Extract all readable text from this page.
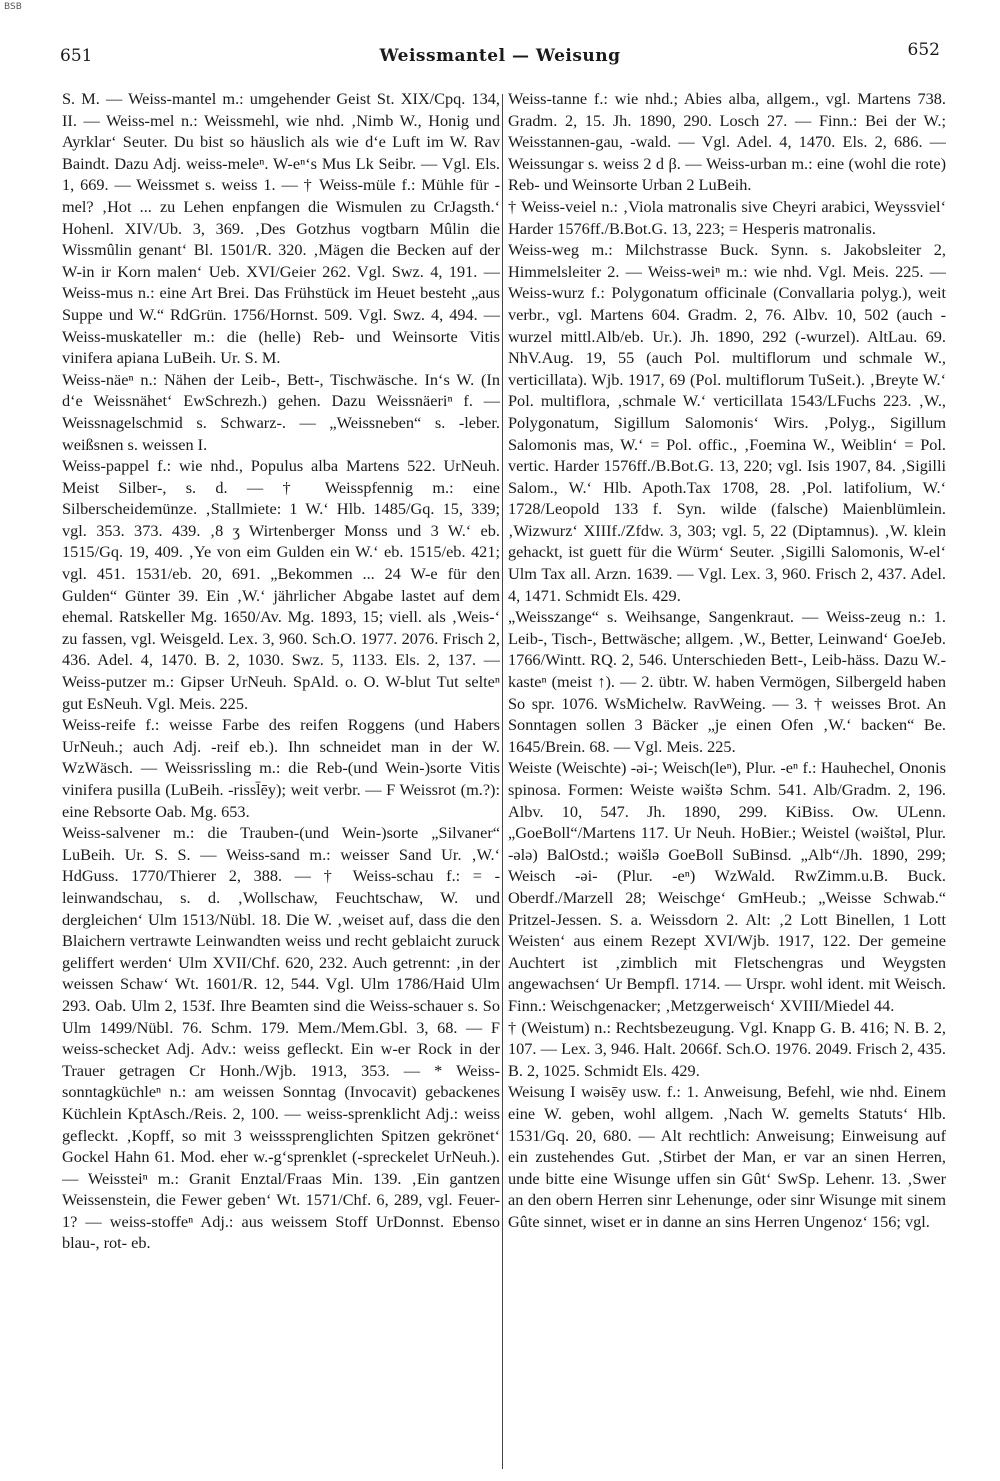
BSB
651	Weissmantel — Weisung	652

S. M. — Weiss-mantel m.: umgehender Geist St. XIX/Cpq. 134, II. — Weiss-mel n.: Weissmehl, wie nhd. ‚Nimb W., Honig und Ayrklar‘ Seuter. Du bist so häuslich als wie d‘e Luft im W. Rav Baindt. Dazu Adj. weiss-meleⁿ. W-eⁿ‘s Mus Lk Seibr. — Vgl. Els. 1, 669. — Weissmet s. weiss 1. — † Weiss-müle f.: Mühle für -mel? ‚Hot ... zu Lehen enpfangen die Wismulen zu CrJagsth.‘ Hohenl. XIV/Ub. 3, 369. ‚Des Gotzhus vogtbarn Mûlin die Wissmûlin genant‘ Bl. 1501/R. 320. ‚Mägen die Becken auf der W-in ir Korn malen‘ Ueb. XVI/Geier 262. Vgl. Swz. 4, 191. — Weiss-mus n.: eine Art Brei. Das Frühstück im Heuet besteht „aus Suppe und W.“ RdGrün. 1756/Hornst. 509. Vgl. Swz. 4, 494. — Weiss-muskateller m.: die (helle) Reb- und Weinsorte Vitis vinifera apiana LuBeih. Ur. S. M.

Weiss-näeⁿ n.: Nähen der Leib-, Bett-, Tischwäsche. In‘s W. (In d‘e Weissnähet‘ EwSchrezh.) gehen. Dazu Weissnäeriⁿ f. — Weissnagelschmid s. Schwarz-. — „Weissneben“ s. -leber. weißsnen s. weissen I.

Weiss-pappel f.: wie nhd., Populus alba Martens 522. UrNeuh. Meist Silber-, s. d. — † Weisspfennig m.: eine Silberscheidemünze. ‚Stallmiete: 1 W.‘ Hlb. 1485/Gq. 15, 339; vgl. 353. 373. 439. ‚8 ʒ Wirtenberger Monss und 3 W.‘ eb. 1515/Gq. 19, 409. ‚Ye von eim Gulden ein W.‘ eb. 1515/eb. 421; vgl. 451. 1531/eb. 20, 691. „Bekommen ... 24 W-e für den Gulden“ Günter 39. Ein ‚W.‘ jährlicher Abgabe lastet auf dem ehemal. Ratskeller Mg. 1650/Av. Mg. 1893, 15; viell. als ‚Weis-‘ zu fassen, vgl. Weisgeld. Lex. 3, 960. Sch.O. 1977. 2076. Frisch 2, 436. Adel. 4, 1470. B. 2, 1030. Swz. 5, 1133. Els. 2, 137. — Weiss-putzer m.: Gipser UrNeuh. SpAld. o. O. W-blut Tut selteⁿ gut EsNeuh. Vgl. Meis. 225.

Weiss-reife f.: weisse Farbe des reifen Roggens (und Habers UrNeuh.; auch Adj. -reif eb.). Ihn schneidet man in der W. WzWäsch. — Weissrissling m.: die Reb-(und Wein-)sorte Vitis vinifera pusilla (LuBeih. -rissl̄ēy); weit verbr. — F Weissrot (m.?): eine Rebsorte Oab. Mg. 653.

Weiss-salvener m.: die Trauben-(und Wein-)sorte „Silvaner“ LuBeih. Ur. S. S. — Weiss-sand m.: weisser Sand Ur. ‚W.‘ HdGuss. 1770/Thierer 2, 388. — † Weiss-schau f.: = -leinwandschau, s. d. ‚Wollschaw, Feuchtschaw, W. und dergleichen‘ Ulm 1513/Nübl. 18. Die W. ‚weiset auf, dass die den Blaichern vertrawte Leinwandten weiss und recht geblaicht zuruck geliffert werden‘ Ulm XVII/Chf. 620, 232. Auch getrennt: ‚in der weissen Schaw‘ Wt. 1601/R. 12, 544. Vgl. Ulm 1786/Haid Ulm 293. Oab. Ulm 2, 153f. Ihre Beamten sind die Weiss-schauer s. So Ulm 1499/Nübl. 76. Schm. 179. Mem./Mem.Gbl. 3, 68. — F weiss-schecket Adj. Adv.: weiss gefleckt. Ein w-er Rock in der Trauer getragen Cr Honh./Wjb. 1913, 353. — * Weiss-sonntagküchleⁿ n.: am weissen Sonntag (Invocavit) gebackenes Küchlein KptAsch./Reis. 2, 100. — weiss-sprenklicht Adj.: weiss gefleckt. ‚Kopff, so mit 3 weisssprenglichten Spitzen gekrönet‘ Gockel Hahn 61. Mod. eher w.-g‘sprenklet (-spreckelet UrNeuh.). — Weissteiⁿ m.: Granit Enztal/Fraas Min. 139. ‚Ein gantzen Weissenstein, die Fewer geben‘ Wt. 1571/Chf. 6, 289, vgl. Feuer- 1? — weiss-stoffeⁿ Adj.: aus weissem Stoff UrDonnst. Ebenso blau-, rot- eb.

Weiss-tanne f.: wie nhd.; Abies alba, allgem., vgl. Martens 738. Gradm. 2, 15. Jh. 1890, 290. Losch 27. — Finn.: Bei der W.; Weisstannen-gau, -wald. — Vgl. Adel. 4, 1470. Els. 2, 686. — Weissungar s. weiss 2 d β. — Weiss-urban m.: eine (wohl die rote) Reb- und Weinsorte Urban 2 LuBeih.

† Weiss-veiel n.: ‚Viola matronalis sive Cheyri arabici, Weyssviel‘ Harder 1576ff./B.Bot.G. 13, 223; = Hesperis matronalis.

Weiss-weg m.: Milchstrasse Buck. Synn. s. Jakobsleiter 2, Himmelsleiter 2. — Weiss-weiⁿ m.: wie nhd. Vgl. Meis. 225. — Weiss-wurz f.: Polygonatum officinale (Convallaria polyg.), weit verbr., vgl. Martens 604. Gradm. 2, 76. Albv. 10, 502 (auch -wurzel mittl.Alb/eb. Ur.). Jh. 1890, 292 (-wurzel). AltLau. 69. NhV.Aug. 19, 55 (auch Pol. multiflorum und schmale W., verticillata). Wjb. 1917, 69 (Pol. multiflorum TuSeit.). ‚Breyte W.‘ Pol. multiflora, ‚schmale W.‘ verticillata 1543/LFuchs 223. ‚W., Polygonatum, Sigillum Salomonis‘ Wirs. ‚Polyg., Sigillum Salomonis mas, W.‘ = Pol. offic., ‚Foemina W., Weiblin‘ = Pol. vertic. Harder 1576ff./B.Bot.G. 13, 220; vgl. Isis 1907, 84. ‚Sigilli Salom., W.‘ Hlb. Apoth.Tax 1708, 28. ‚Pol. latifolium, W.‘ 1728/Leopold 133 f. Syn. wilde (falsche) Maienblümlein. ‚Wizwurz‘ XIIIf./Zfdw. 3, 303; vgl. 5, 22 (Diptamnus). ‚W. klein gehackt, ist guett für die Würm‘ Seuter. ‚Sigilli Salomonis, W-el‘ Ulm Tax all. Arzn. 1639. — Vgl. Lex. 3, 960. Frisch 2, 437. Adel. 4, 1471. Schmidt Els. 429.

„Weisszange“ s. Weihsange, Sangenkraut. — Weiss-zeug n.: 1. Leib-, Tisch-, Bettwäsche; allgem. ‚W., Better, Leinwand‘ GoeJeb. 1766/Wintt. RQ. 2, 546. Unterschieden Bett-, Leib-häss. Dazu W.-kasteⁿ (meist ↑). — 2. übtr. W. haben Vermögen, Silbergeld haben So spr. 1076. WsMichelw. RavWeing. — 3. † weisses Brot. An Sonntagen sollen 3 Bäcker „je einen Ofen ‚W.‘ backen“ Be. 1645/Brein. 68. — Vgl. Meis. 225.

Weiste (Weischte) -əi-; Weisch(leⁿ), Plur. -eⁿ f.: Hauhechel, Ononis spinosa. Formen: Weiste wəištə Schm. 541. Alb/Gradm. 2, 196. Albv. 10, 547. Jh. 1890, 299. KiBiss. Ow. ULenn. „GoeBoll“/Martens 117. Ur Neuh. HoBier.; Weistel (wəištəl, Plur. -ələ) BalOstd.; wəišlə GoeBoll SuBinsd. „Alb“/Jh. 1890, 299; Weisch -əi- (Plur. -eⁿ) WzWald. RwZimm.u.B. Buck. Oberdf./Marzell 28; Weischge‘ GmHeub.; „Weisse Schwab.“ Pritzel-Jessen. S. a. Weissdorn 2. Alt: ‚2 Lott Binellen, 1 Lott Weisten‘ aus einem Rezept XVI/Wjb. 1917, 122. Der gemeine Auchtert ist ‚zimblich mit Fletschengras und Weygsten angewachsen‘ Ur Bempfl. 1714. — Urspr. wohl ident. mit Weisch. Finn.: Weischgenacker; ‚Metzgerweisch‘ XVIII/Miedel 44.

† (Weistum) n.: Rechtsbezeugung. Vgl. Knapp G. B. 416; N. B. 2, 107. — Lex. 3, 946. Halt. 2066f. Sch.O. 1976. 2049. Frisch 2, 435. B. 2, 1025. Schmidt Els. 429.

Weisung I wəisēy usw. f.: 1. Anweisung, Befehl, wie nhd. Einem eine W. geben, wohl allgem. ‚Nach W. gemelts Statuts‘ Hlb. 1531/Gq. 20, 680. — Alt rechtlich: Anweisung; Einweisung auf ein zustehendes Gut. ‚Stirbet der Man, er var an sinen Herren, unde bitte eine Wisunge uffen sin Gût‘ SwSp. Lehenr. 13. ‚Swer an den obern Herren sinr Lehenunge, oder sinr Wisunge mit sinem Gûte sinnet, wiset er in danne an sins Herren Ungenoz‘ 156; vgl.
